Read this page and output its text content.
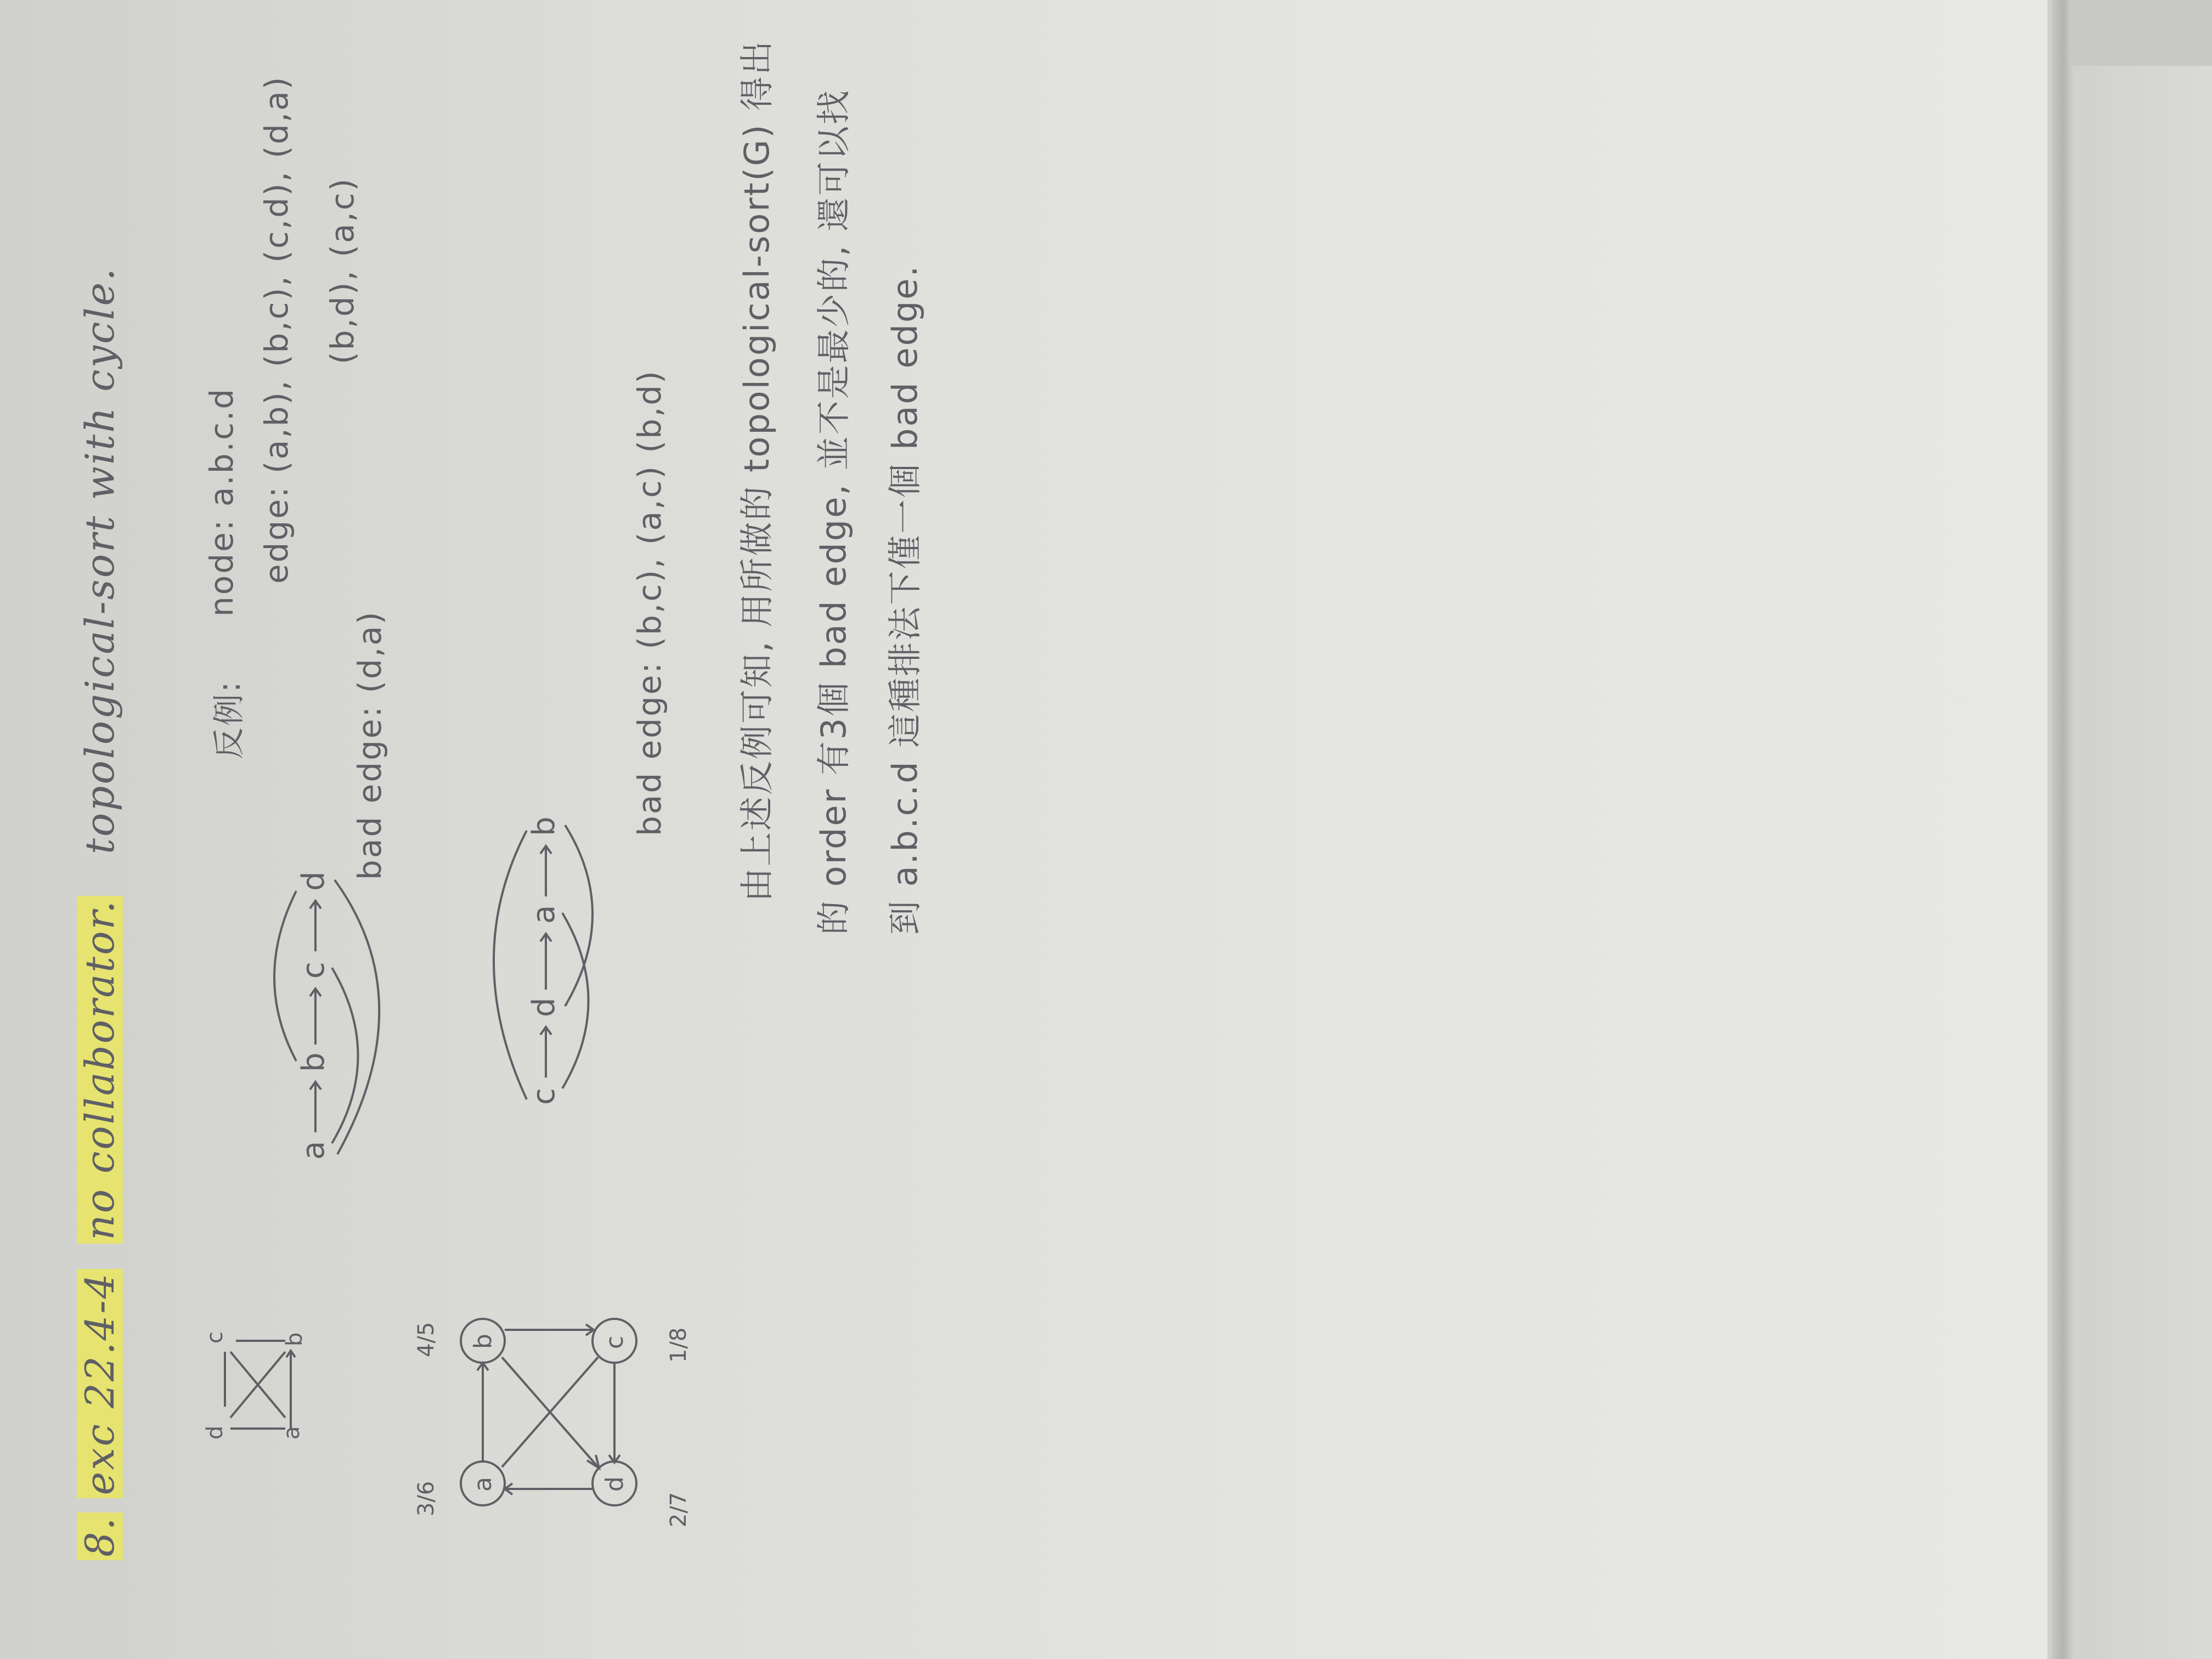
8. exc 22.4-4 no collaborator. topological-sort with cycle.
a
b
c
d
a
b
c
d
bad edge: (d,a)
反例:
node: a.b.c.d edge: (a,b), (b,c), (c,d), (d,a) (b,d), (a,c)
a
b	c
d
3/6
4/5	1/8
2/7
c
d
a
b bad edge: (b,c), (a,c) (b,d) 由上述反例可知, 用所做的 topological-sort(G) 得出 的 order 有3個 bad edge, 並不是最少的, 還可以找 到 a.b.c.d 這種排法下僅一個 bad edge.
